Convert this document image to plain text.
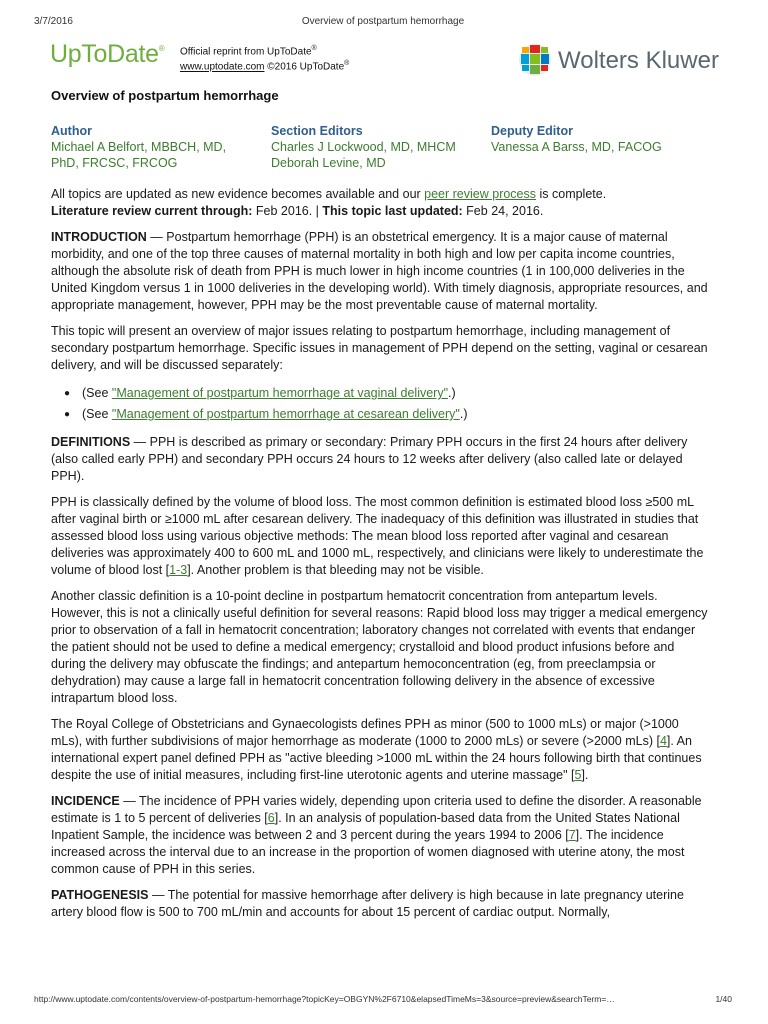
3/7/2016	Overview of postpartum hemorrhage
UpToDate® Official reprint from UpToDate®
www.uptodate.com ©2016 UpToDate®	Wolters Kluwer
Overview of postpartum hemorrhage
Author
Michael A Belfort, MBBCH, MD,
PhD, FRCSC, FRCOG
Section Editors
Charles J Lockwood, MD, MHCM
Deborah Levine, MD
Deputy Editor
Vanessa A Barss, MD, FACOG
All topics are updated as new evidence becomes available and our peer review process is complete.
Literature review current through: Feb 2016. | This topic last updated: Feb 24, 2016.

INTRODUCTION — Postpartum hemorrhage (PPH) is an obstetrical emergency. It is a major cause of maternal morbidity, and one of the top three causes of maternal mortality in both high and low per capita income countries, although the absolute risk of death from PPH is much lower in high income countries (1 in 100,000 deliveries in the United Kingdom versus 1 in 1000 deliveries in the developing world). With timely diagnosis, appropriate resources, and appropriate management, however, PPH may be the most preventable cause of maternal mortality.

This topic will present an overview of major issues relating to postpartum hemorrhage, including management of secondary postpartum hemorrhage. Specific issues in management of PPH depend on the setting, vaginal or cesarean delivery, and will be discussed separately:

● (See "Management of postpartum hemorrhage at vaginal delivery".)
● (See "Management of postpartum hemorrhage at cesarean delivery".)

DEFINITIONS — PPH is described as primary or secondary: Primary PPH occurs in the first 24 hours after delivery (also called early PPH) and secondary PPH occurs 24 hours to 12 weeks after delivery (also called late or delayed PPH).

PPH is classically defined by the volume of blood loss. The most common definition is estimated blood loss ≥500 mL after vaginal birth or ≥1000 mL after cesarean delivery. The inadequacy of this definition was illustrated in studies that assessed blood loss using various objective methods: The mean blood loss reported after vaginal and cesarean deliveries was approximately 400 to 600 mL and 1000 mL, respectively, and clinicians were likely to underestimate the volume of blood lost [1-3]. Another problem is that bleeding may not be visible.

Another classic definition is a 10-point decline in postpartum hematocrit concentration from antepartum levels. However, this is not a clinically useful definition for several reasons: Rapid blood loss may trigger a medical emergency prior to observation of a fall in hematocrit concentration; laboratory changes not correlated with events that endanger the patient should not be used to define a medical emergency; crystalloid and blood product infusions before and during the delivery may obfuscate the findings; and antepartum hemoconcentration (eg, from preeclampsia or dehydration) may cause a large fall in hematocrit concentration following delivery in the absence of excessive intrapartum blood loss.

The Royal College of Obstetricians and Gynaecologists defines PPH as minor (500 to 1000 mLs) or major (>1000 mLs), with further subdivisions of major hemorrhage as moderate (1000 to 2000 mLs) or severe (>2000 mLs) [4]. An international expert panel defined PPH as "active bleeding >1000 mL within the 24 hours following birth that continues despite the use of initial measures, including first-line uterotonic agents and uterine massage" [5].

INCIDENCE — The incidence of PPH varies widely, depending upon criteria used to define the disorder. A reasonable estimate is 1 to 5 percent of deliveries [6]. In an analysis of population-based data from the United States National Inpatient Sample, the incidence was between 2 and 3 percent during the years 1994 to 2006 [7]. The incidence increased across the interval due to an increase in the proportion of women diagnosed with uterine atony, the most common cause of PPH in this series.

PATHOGENESIS — The potential for massive hemorrhage after delivery is high because in late pregnancy uterine artery blood flow is 500 to 700 mL/min and accounts for about 15 percent of cardiac output. Normally,

http://www.uptodate.com/contents/overview-of-postpartum-hemorrhage?topicKey=OBGYN%2F6710&elapsedTimeMs=3&source=preview&searchTerm=…	1/40
